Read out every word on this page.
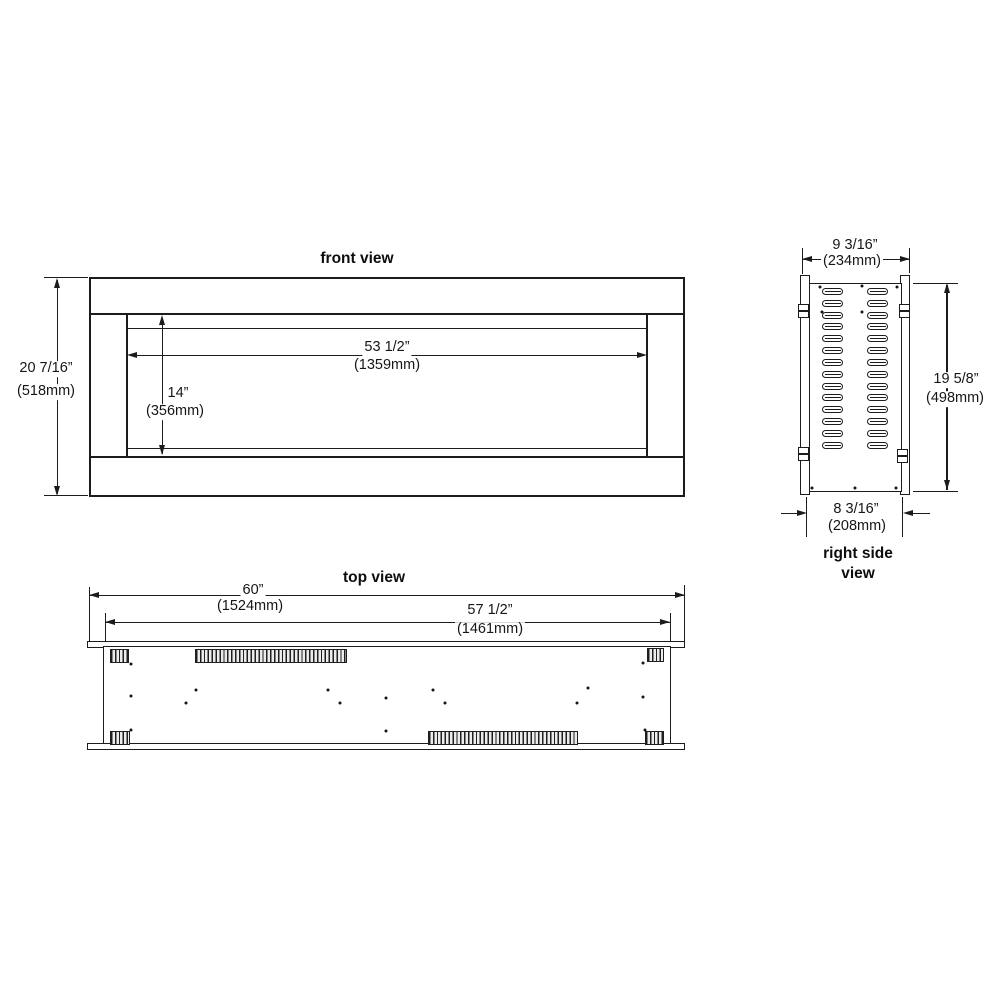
front view
20 7/16”
(518mm)
53 1/2”
(1359mm)
14”
(356mm)
9 3/16”
(234mm)
19 5/8”
(498mm)
8 3/16”
(208mm)
right side
view
top view
60”
(1524mm)	57 1/2”
(1461mm)
